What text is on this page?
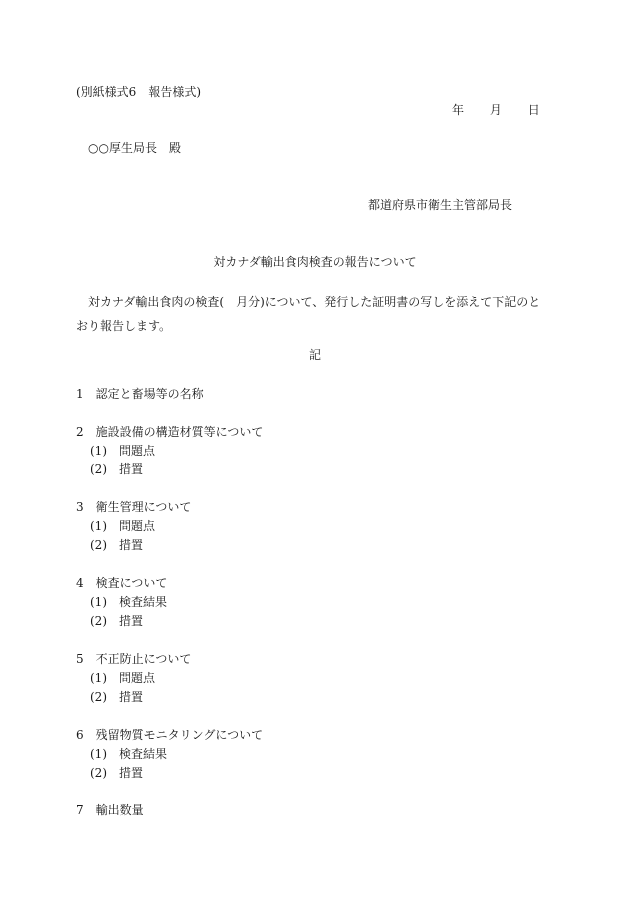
(別紙様式6　報告様式)
年 月 日
○○厚生局長　殿
都道府県市衛生主管部局長
対カナダ輸出食肉検査の報告について
対カナダ輸出食肉の検査(　月分)について、発行した証明書の写しを添えて下記のとおり報告します。
記
1　認定と畜場等の名称
2　施設設備の構造材質等について
(1)　問題点
(2)　措置
3　衛生管理について
(1)　問題点
(2)　措置
4　検査について
(1)　検査結果
(2)　措置
5　不正防止について
(1)　問題点
(2)　措置
6　残留物質モニタリングについて
(1)　検査結果
(2)　措置
7　輸出数量
